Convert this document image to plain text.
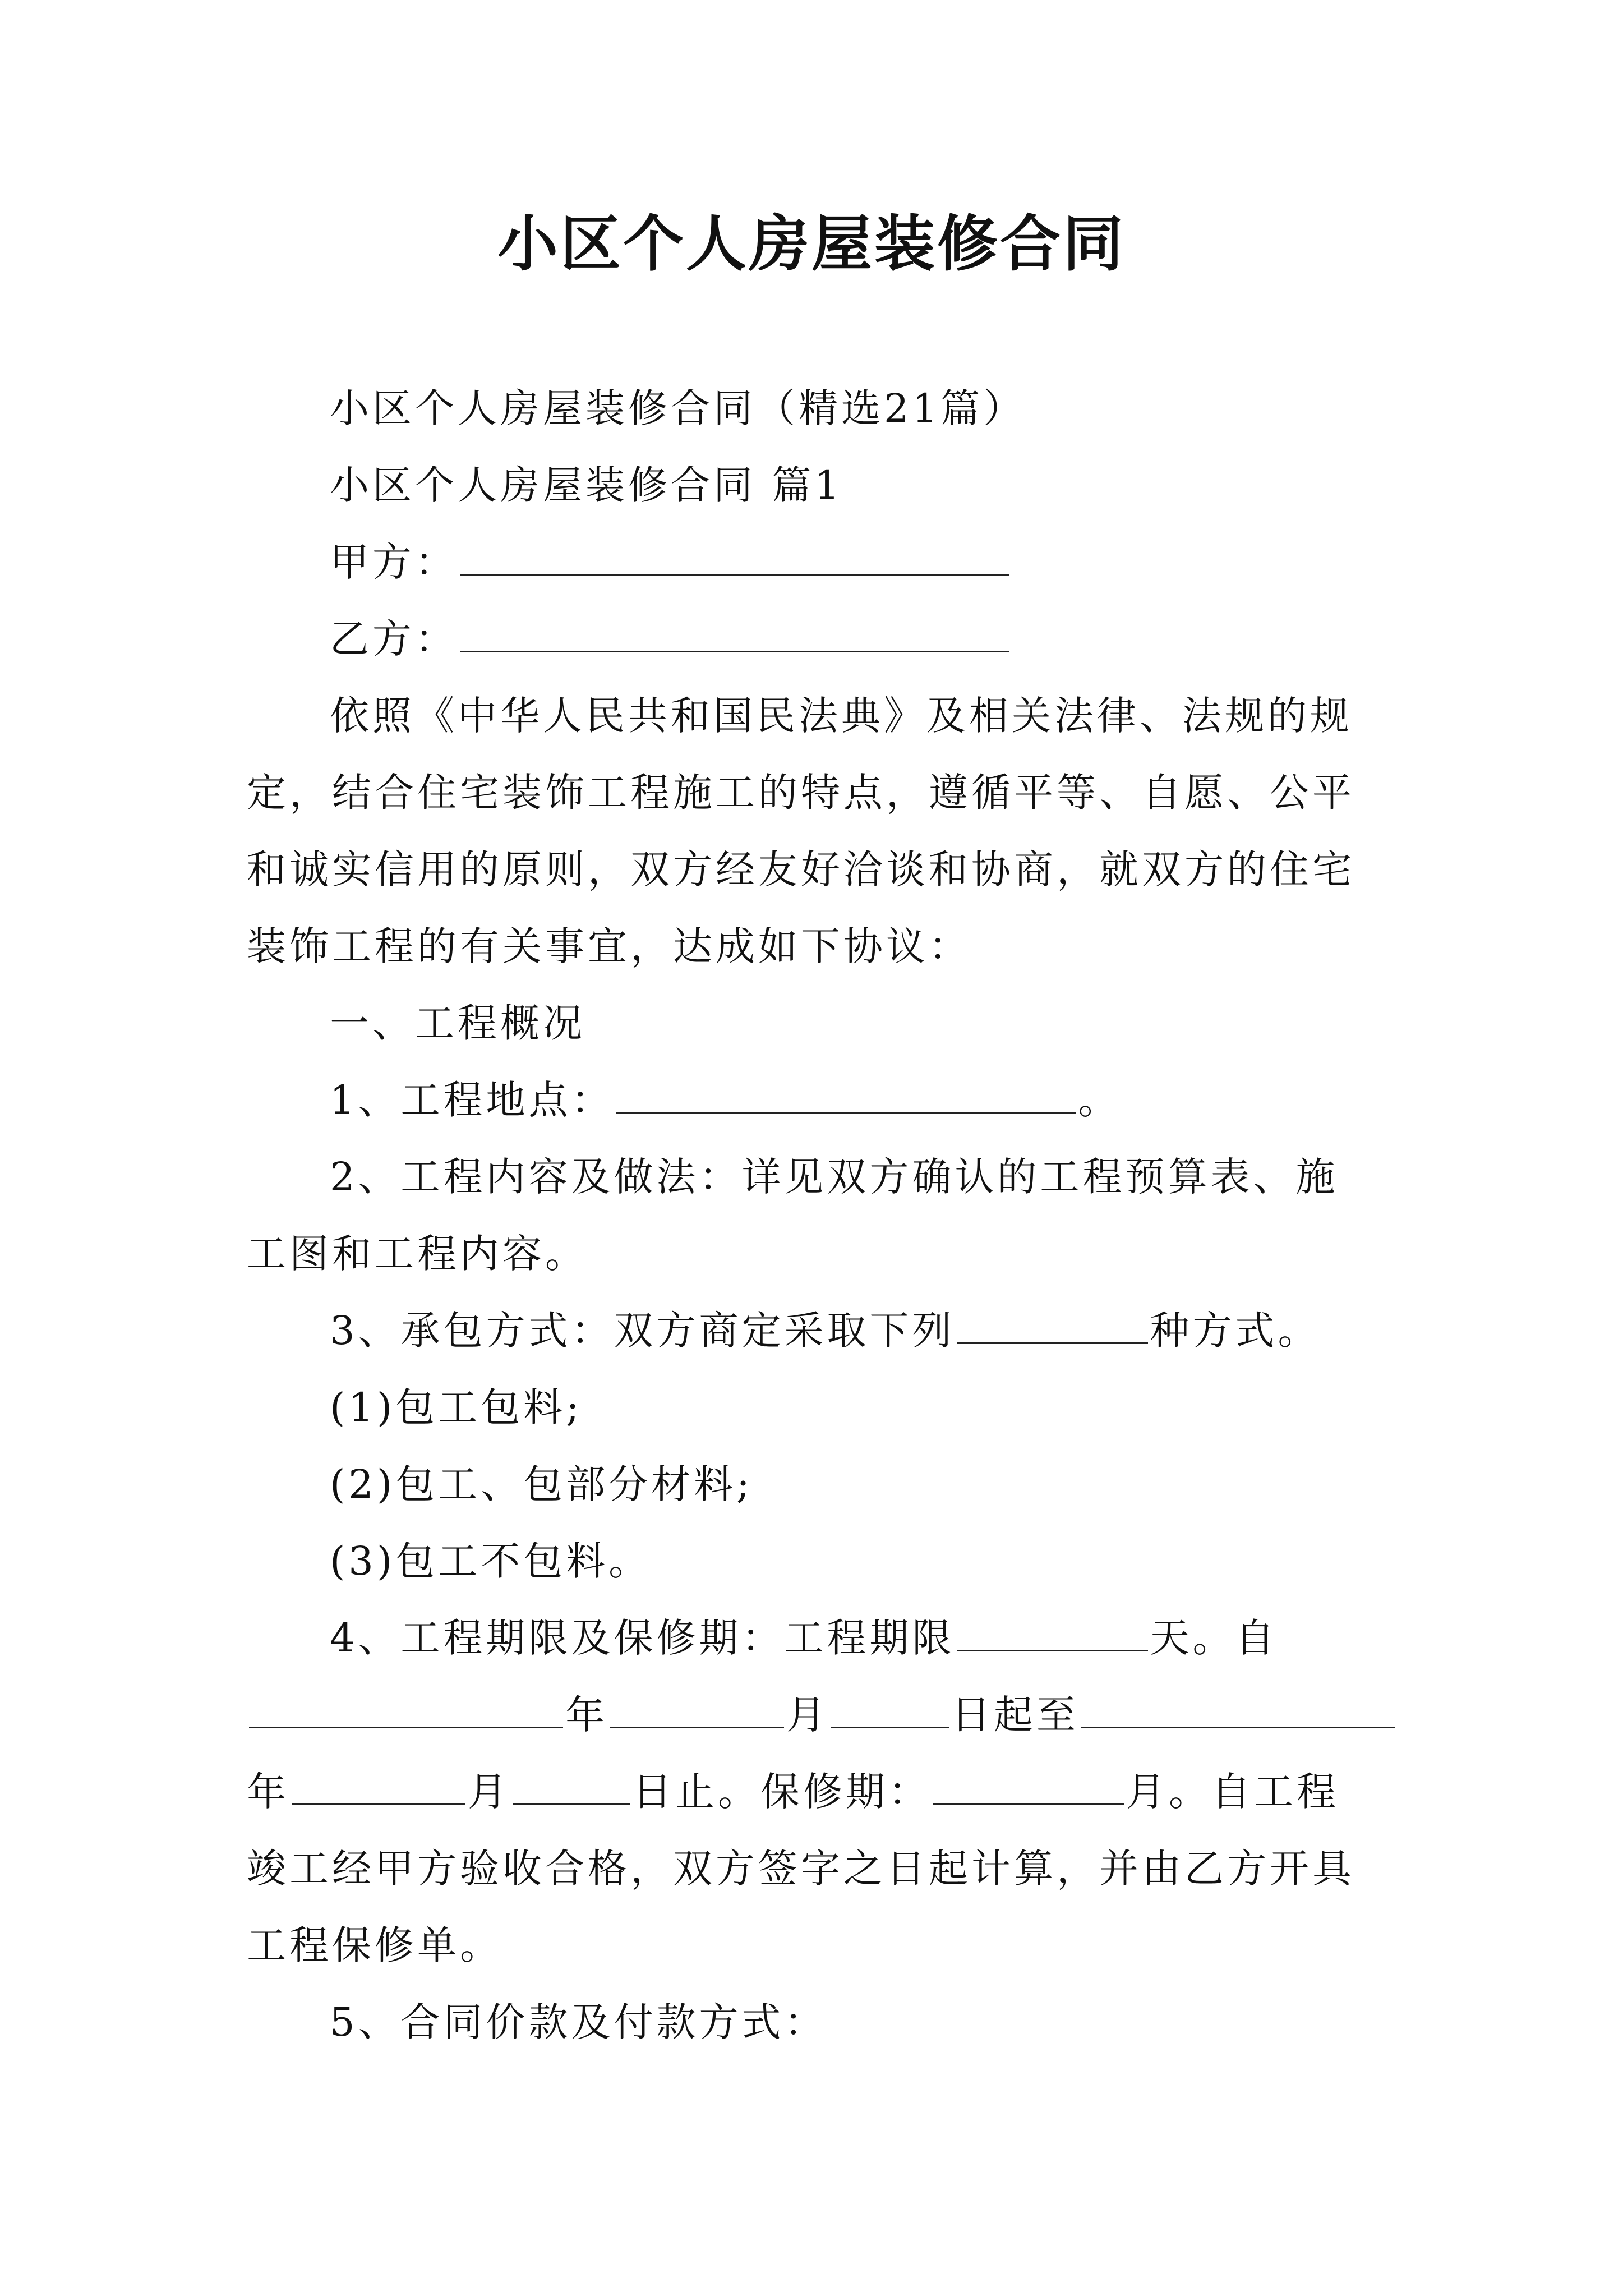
小区个人房屋装修合同

小区个人房屋装修合同（精选21篇）

小区个人房屋装修合同 篇1

甲方：

乙方：

依照《中华人民共和国民法典》及相关法律、法规的规

定，结合住宅装饰工程施工的特点，遵循平等、自愿、公平

和诚实信用的原则，双方经友好洽谈和协商，就双方的住宅

装饰工程的有关事宜，达成如下协议：

一、工程概况

1、工程地点：	。

2、工程内容及做法：详见双方确认的工程预算表、施

工图和工程内容。

3、承包方式：双方商定采取下列	种方式。

(1)包工包料;

(2)包工、包部分材料;

(3)包工不包料。

4、工程期限及保修期：工程期限	天。自

年	月	日起至

年	月	日止。保修期：	月。自工程

竣工经甲方验收合格，双方签字之日起计算，并由乙方开具

工程保修单。

5、合同价款及付款方式：
